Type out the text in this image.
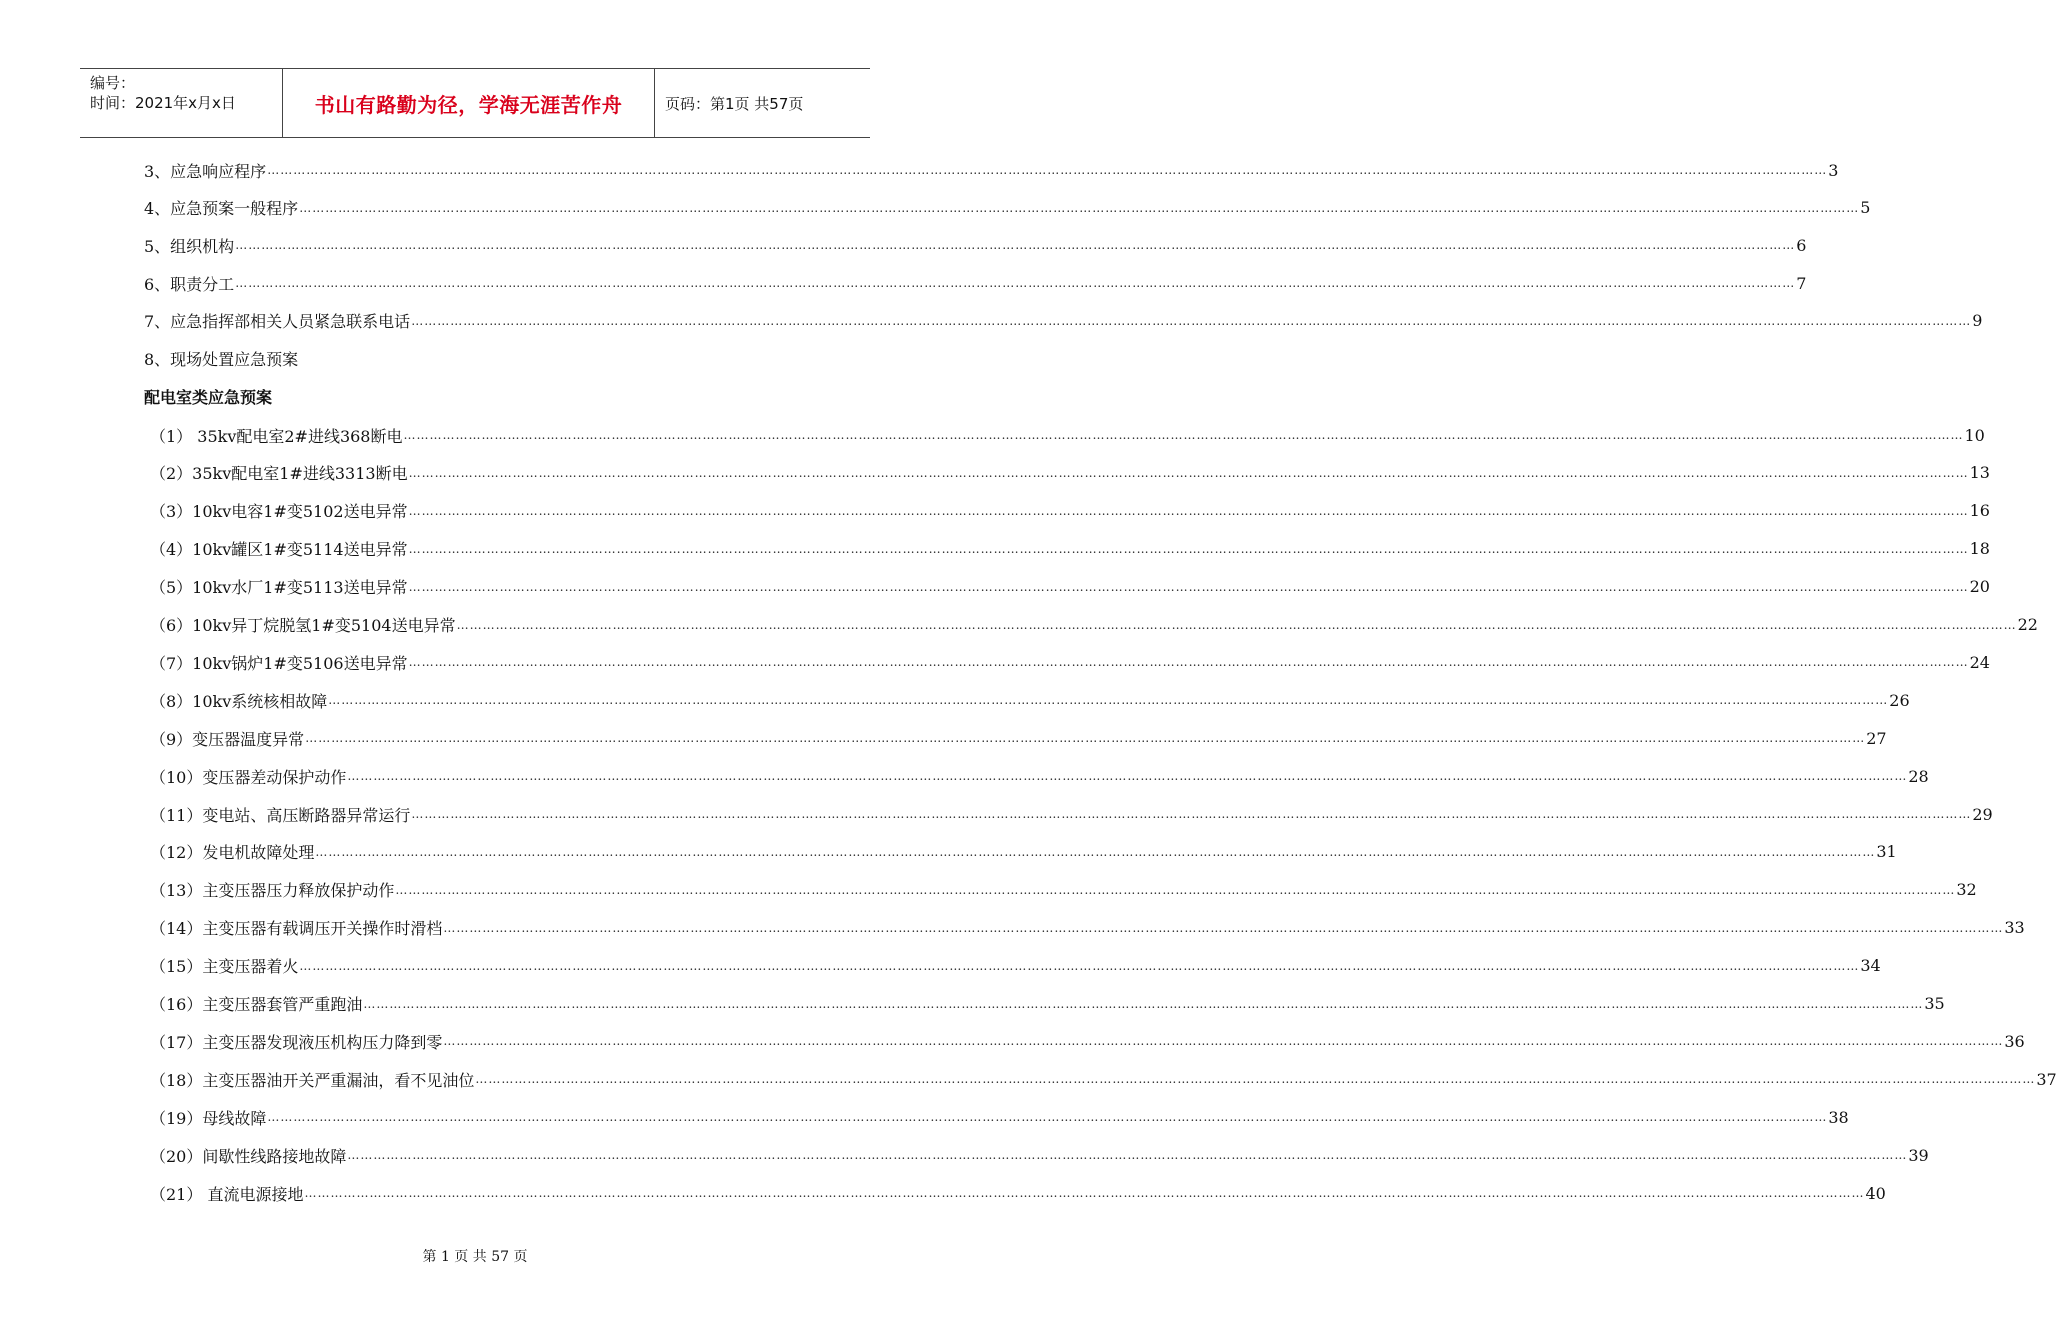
编号：
时间：2021年x月x日	书山有路勤为径，学海无涯苦作舟	页码：第1页 共57页
3、应急响应程序 ……………………………………………………………………………………………………………………………………………………………………………………………………………………………………………………………………………………………………………………………… 3
4、应急预案一般程序 ……………………………………………………………………………………………………………………………………………………………………………………………………………………………………………………………………………………………………………………………… 5
5、组织机构 ……………………………………………………………………………………………………………………………………………………………………………………………………………………………………………………………………………………………………………………………… 6
6、职责分工 ……………………………………………………………………………………………………………………………………………………………………………………………………………………………………………………………………………………………………………………………… 7
7、应急指挥部相关人员紧急联系电话 ……………………………………………………………………………………………………………………………………………………………………………………………………………………………………………………………………………………………………………………………… 9
8、现场处置应急预案
配电室类应急预案
（1） 35kv配电室2#进线368断电 ……………………………………………………………………………………………………………………………………………………………………………………………………………………………………………………………………………………………………………………………… 10
（2）35kv配电室1#进线3313断电 ……………………………………………………………………………………………………………………………………………………………………………………………………………………………………………………………………………………………………………………………… 13
（3）10kv电容1#变5102送电异常 ……………………………………………………………………………………………………………………………………………………………………………………………………………………………………………………………………………………………………………………………… 16
（4）10kv罐区1#变5114送电异常 ……………………………………………………………………………………………………………………………………………………………………………………………………………………………………………………………………………………………………………………………… 18
（5）10kv水厂1#变5113送电异常 ……………………………………………………………………………………………………………………………………………………………………………………………………………………………………………………………………………………………………………………………… 20
（6）10kv异丁烷脱氢1#变5104送电异常 ……………………………………………………………………………………………………………………………………………………………………………………………………………………………………………………………………………………………………………………………… 22
（7）10kv锅炉1#变5106送电异常 ……………………………………………………………………………………………………………………………………………………………………………………………………………………………………………………………………………………………………………………………… 24
（8）10kv系统核相故障 ……………………………………………………………………………………………………………………………………………………………………………………………………………………………………………………………………………………………………………………………… 26
（9）变压器温度异常 ……………………………………………………………………………………………………………………………………………………………………………………………………………………………………………………………………………………………………………………………… 27
（10）变压器差动保护动作 ……………………………………………………………………………………………………………………………………………………………………………………………………………………………………………………………………………………………………………………………… 28
（11）变电站、高压断路器异常运行 ……………………………………………………………………………………………………………………………………………………………………………………………………………………………………………………………………………………………………………………………… 29
（12）发电机故障处理 ……………………………………………………………………………………………………………………………………………………………………………………………………………………………………………………………………………………………………………………………… 31
（13）主变压器压力释放保护动作 ……………………………………………………………………………………………………………………………………………………………………………………………………………………………………………………………………………………………………………………………… 32
（14）主变压器有载调压开关操作时滑档 ……………………………………………………………………………………………………………………………………………………………………………………………………………………………………………………………………………………………………………………………… 33
（15）主变压器着火 ……………………………………………………………………………………………………………………………………………………………………………………………………………………………………………………………………………………………………………………………… 34
（16）主变压器套管严重跑油 ……………………………………………………………………………………………………………………………………………………………………………………………………………………………………………………………………………………………………………………………… 35
（17）主变压器发现液压机构压力降到零 ……………………………………………………………………………………………………………………………………………………………………………………………………………………………………………………………………………………………………………………………… 36
（18）主变压器油开关严重漏油，看不见油位 ……………………………………………………………………………………………………………………………………………………………………………………………………………………………………………………………………………………………………………………………… 37
（19）母线故障 ……………………………………………………………………………………………………………………………………………………………………………………………………………………………………………………………………………………………………………………………… 38
（20）间歇性线路接地故障 ……………………………………………………………………………………………………………………………………………………………………………………………………………………………………………………………………………………………………………………………… 39
（21） 直流电源接地 ……………………………………………………………………………………………………………………………………………………………………………………………………………………………………………………………………………………………………………………………… 40
第 1 页 共 57 页
